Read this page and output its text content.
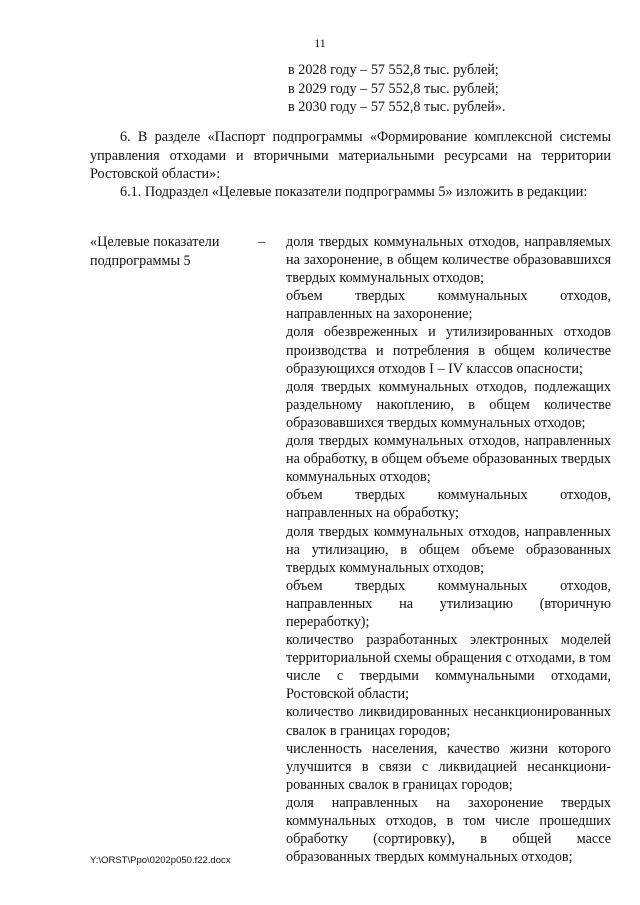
11
в 2028 году – 57 552,8 тыс. рублей;
в 2029 году – 57 552,8 тыс. рублей;
в 2030 году – 57 552,8 тыс. рублей».

6. В разделе «Паспорт подпрограммы «Формирование комплексной системы управления отходами и вторичными материальными ресурсами на территории Ростовской области»:

6.1. Подраздел «Целевые показатели подпрограммы 5» изложить в редакции:

«Целевые показатели подпрограммы 5
– доля твердых коммунальных отходов, направляемых на захоронение, в общем количестве образовавшихся твердых коммунальных отходов;
объем твердых коммунальных отходов, направленных на захоронение;
доля обезвреженных и утилизированных отходов производства и потребления в общем количестве образующихся отходов I – IV классов опасности;
доля твердых коммунальных отходов, подлежащих раздельному накоплению, в общем количестве образовавшихся твердых коммунальных отходов;
доля твердых коммунальных отходов, направленных на обработку, в общем объеме образованных твердых коммунальных отходов;
объем твердых коммунальных отходов, направленных на обработку;
доля твердых коммунальных отходов, направленных на утилизацию, в общем объеме образованных твердых коммунальных отходов;
объем твердых коммунальных отходов, направленных на утилизацию (вторичную переработку);
количество разработанных электронных моделей территориальной схемы обращения с отходами, в том числе с твердыми коммунальными отходами, Ростовской области;
количество ликвидированных несанкционированных свалок в границах городов;
численность населения, качество жизни которого улучшится в связи с ликвидацией несанкционированных свалок в границах городов;
доля направленных на захоронение твердых коммунальных отходов, в том числе прошедших обработку (сортировку), в общей массе образованных твердых коммунальных отходов;
Y:\ORST\Ppo\0202p050.f22.docx
